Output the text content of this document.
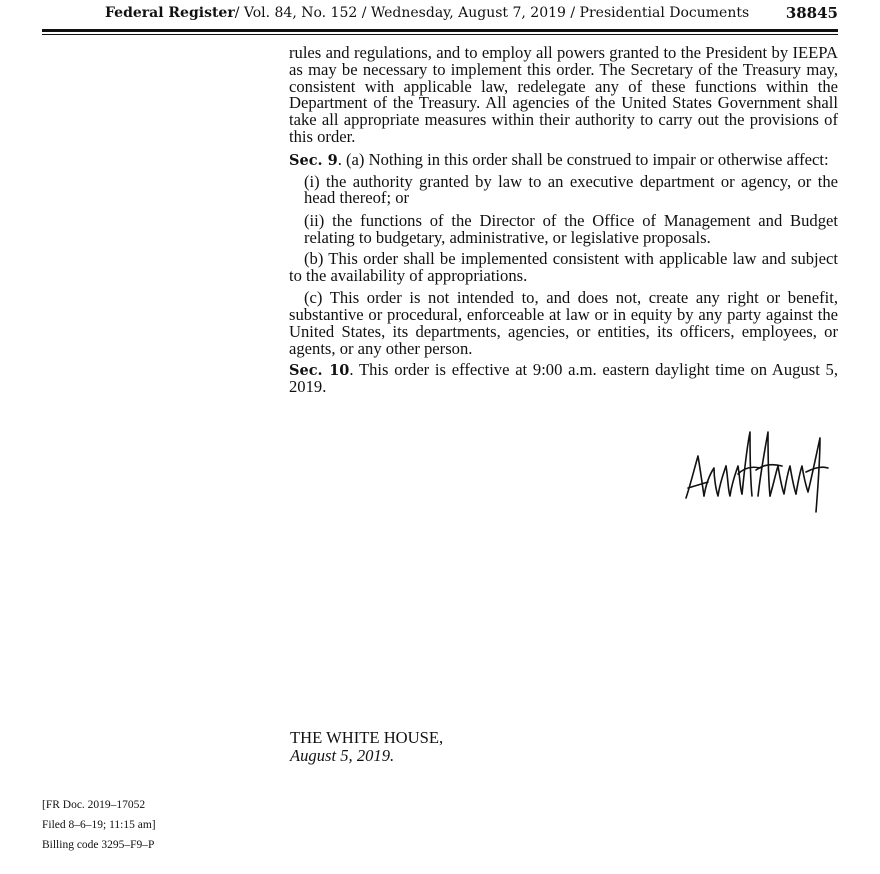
Federal Register/ Vol. 84, No. 152 / Wednesday, August 7, 2019 / Presidential Documents 38845

rules and regulations, and to employ all powers granted to the President by IEEPA as may be necessary to implement this order. The Secretary of the Treasury may, consistent with applicable law, redelegate any of these functions within the Department of the Treasury. All agencies of the United States Government shall take all appropriate measures within their authority to carry out the provisions of this order.

Sec. 9. (a) Nothing in this order shall be construed to impair or otherwise affect:

(i) the authority granted by law to an executive department or agency, or the head thereof; or

(ii) the functions of the Director of the Office of Management and Budget relating to budgetary, administrative, or legislative proposals.

(b) This order shall be implemented consistent with applicable law and subject to the availability of appropriations.

(c) This order is not intended to, and does not, create any right or benefit, substantive or procedural, enforceable at law or in equity by any party against the United States, its departments, agencies, or entities, its officers, employees, or agents, or any other person.

Sec. 10. This order is effective at 9:00 a.m. eastern daylight time on August 5, 2019.

THE WHITE HOUSE,
August 5, 2019.
[FR Doc. 2019–17052
Filed 8–6–19; 11:15 am]
Billing code 3295–F9–P
